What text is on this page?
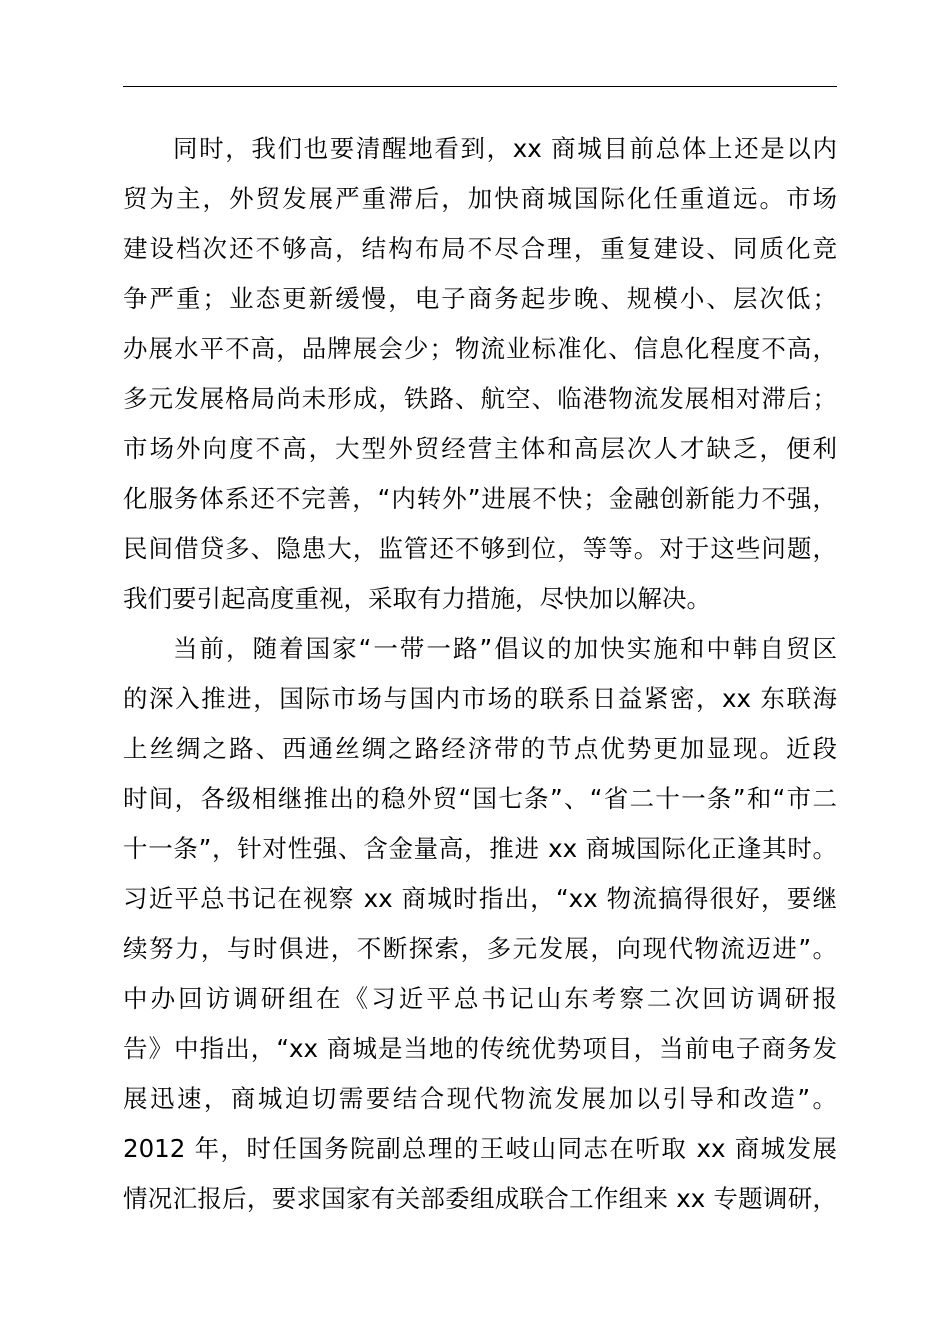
同时，我们也要清醒地看到，xx 商城目前总体上还是以内
贸为主，外贸发展严重滞后，加快商城国际化任重道远。市场
建设档次还不够高，结构布局不尽合理，重复建设、同质化竞
争严重；业态更新缓慢，电子商务起步晚、规模小、层次低；
办展水平不高，品牌展会少；物流业标准化、信息化程度不高，
多元发展格局尚未形成，铁路、航空、临港物流发展相对滞后；
市场外向度不高，大型外贸经营主体和高层次人才缺乏，便利
化服务体系还不完善，“内转外”进展不快；金融创新能力不强，
民间借贷多、隐患大，监管还不够到位，等等。对于这些问题，
我们要引起高度重视，采取有力措施，尽快加以解决。
当前，随着国家“一带一路”倡议的加快实施和中韩自贸区
的深入推进，国际市场与国内市场的联系日益紧密，xx 东联海
上丝绸之路、西通丝绸之路经济带的节点优势更加显现。近段
时间，各级相继推出的稳外贸“国七条”、“省二十一条”和“市二
十一条”，针对性强、含金量高，推进 xx 商城国际化正逢其时。
习近平总书记在视察 xx 商城时指出，“xx 物流搞得很好，要继
续努力，与时俱进，不断探索，多元发展，向现代物流迈进”。
中办回访调研组在《习近平总书记山东考察二次回访调研报
告》中指出，“xx 商城是当地的传统优势项目，当前电子商务发
展迅速，商城迫切需要结合现代物流发展加以引导和改造”。
2012 年，时任国务院副总理的王岐山同志在听取 xx 商城发展
情况汇报后，要求国家有关部委组成联合工作组来 xx 专题调研，
